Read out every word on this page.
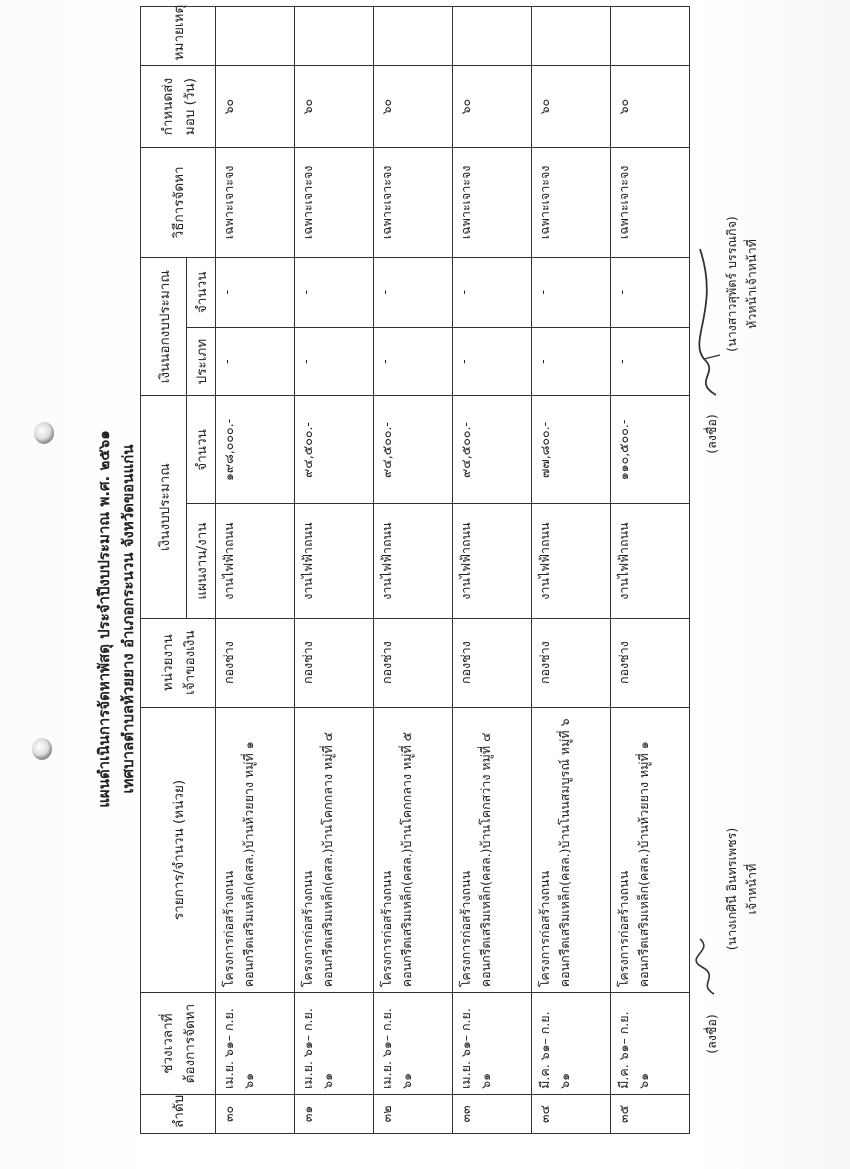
แผนดำเนินการจัดหาพัสดุ ประจำปีงบประมาณ พ.ศ. ๒๕๖๑ เทศบาลตำบลห้วยยาง อำเภอกระนวน จังหวัดขอนแก่น
ลำดับ	ช่วงเวลาที่ต้องการจัดหา	รายการ/จำนวน (หน่วย)	หน่วยงานเจ้าของเงิน	เงินงบประมาณ		เงินนอกงบประมาณ		วิธีการจัดหา	กำหนดส่งมอบ (วัน)	หมายเหตุ
				แผนงาน/งาน	จำนวน	ประเภท	จำนวน			
๓๐	เม.ย. ๖๑– ก.ย. ๖๑	โครงการก่อสร้างถนนคอนกรีตเสริมเหล็ก(คสล.)บ้านห้วยยาง หมู่ที่ ๑	กองช่าง	งานไฟฟ้าถนน	๑๙๘,๐๐๐.-	-	-	เฉพาะเจาะจง	๖๐	
๓๑	เม.ย. ๖๑– ก.ย. ๖๑	โครงการก่อสร้างถนนคอนกรีตเสริมเหล็ก(คสล.)บ้านโคกกลาง หมู่ที่ ๔	กองช่าง	งานไฟฟ้าถนน	๙๔,๕๐๐.-	-	-	เฉพาะเจาะจง	๖๐	
๓๒	เม.ย. ๖๑– ก.ย. ๖๑	โครงการก่อสร้างถนนคอนกรีตเสริมเหล็ก(คสล.)บ้านโคกกลาง หมู่ที่ ๕	กองช่าง	งานไฟฟ้าถนน	๙๔,๕๐๐.-	-	-	เฉพาะเจาะจง	๖๐	
๓๓	เม.ย. ๖๑– ก.ย. ๖๑	โครงการก่อสร้างถนนคอนกรีตเสริมเหล็ก(คสล.)บ้านโคกสว่าง หมู่ที่ ๔	กองช่าง	งานไฟฟ้าถนน	๙๔,๕๐๐.-	-	-	เฉพาะเจาะจง	๖๐	
๓๔	มี.ค. ๖๑– ก.ย. ๖๑	โครงการก่อสร้างถนนคอนกรีตเสริมเหล็ก(คสล.)บ้านโนนสมบูรณ์ หมู่ที่ ๖	กองช่าง	งานไฟฟ้าถนน	๗๗,๘๐๐.-	-	-	เฉพาะเจาะจง	๖๐	
๓๕	มี.ค. ๖๑– ก.ย. ๖๑	โครงการก่อสร้างถนนคอนกรีตเสริมเหล็ก(คสล.)บ้านห้วยยาง หมู่ที่ ๑	กองช่าง	งานไฟฟ้าถนน	๑๑๐,๕๐๐.-	-	-	เฉพาะเจาะจง	๖๐	
(ลงชื่อ)
(นางเกศินี อินทรเพชร) เจ้าหน้าที่
(ลงชื่อ)
(นางสาวสุพัตร์ บรรณกิจ) หัวหน้าเจ้าหน้าที่
